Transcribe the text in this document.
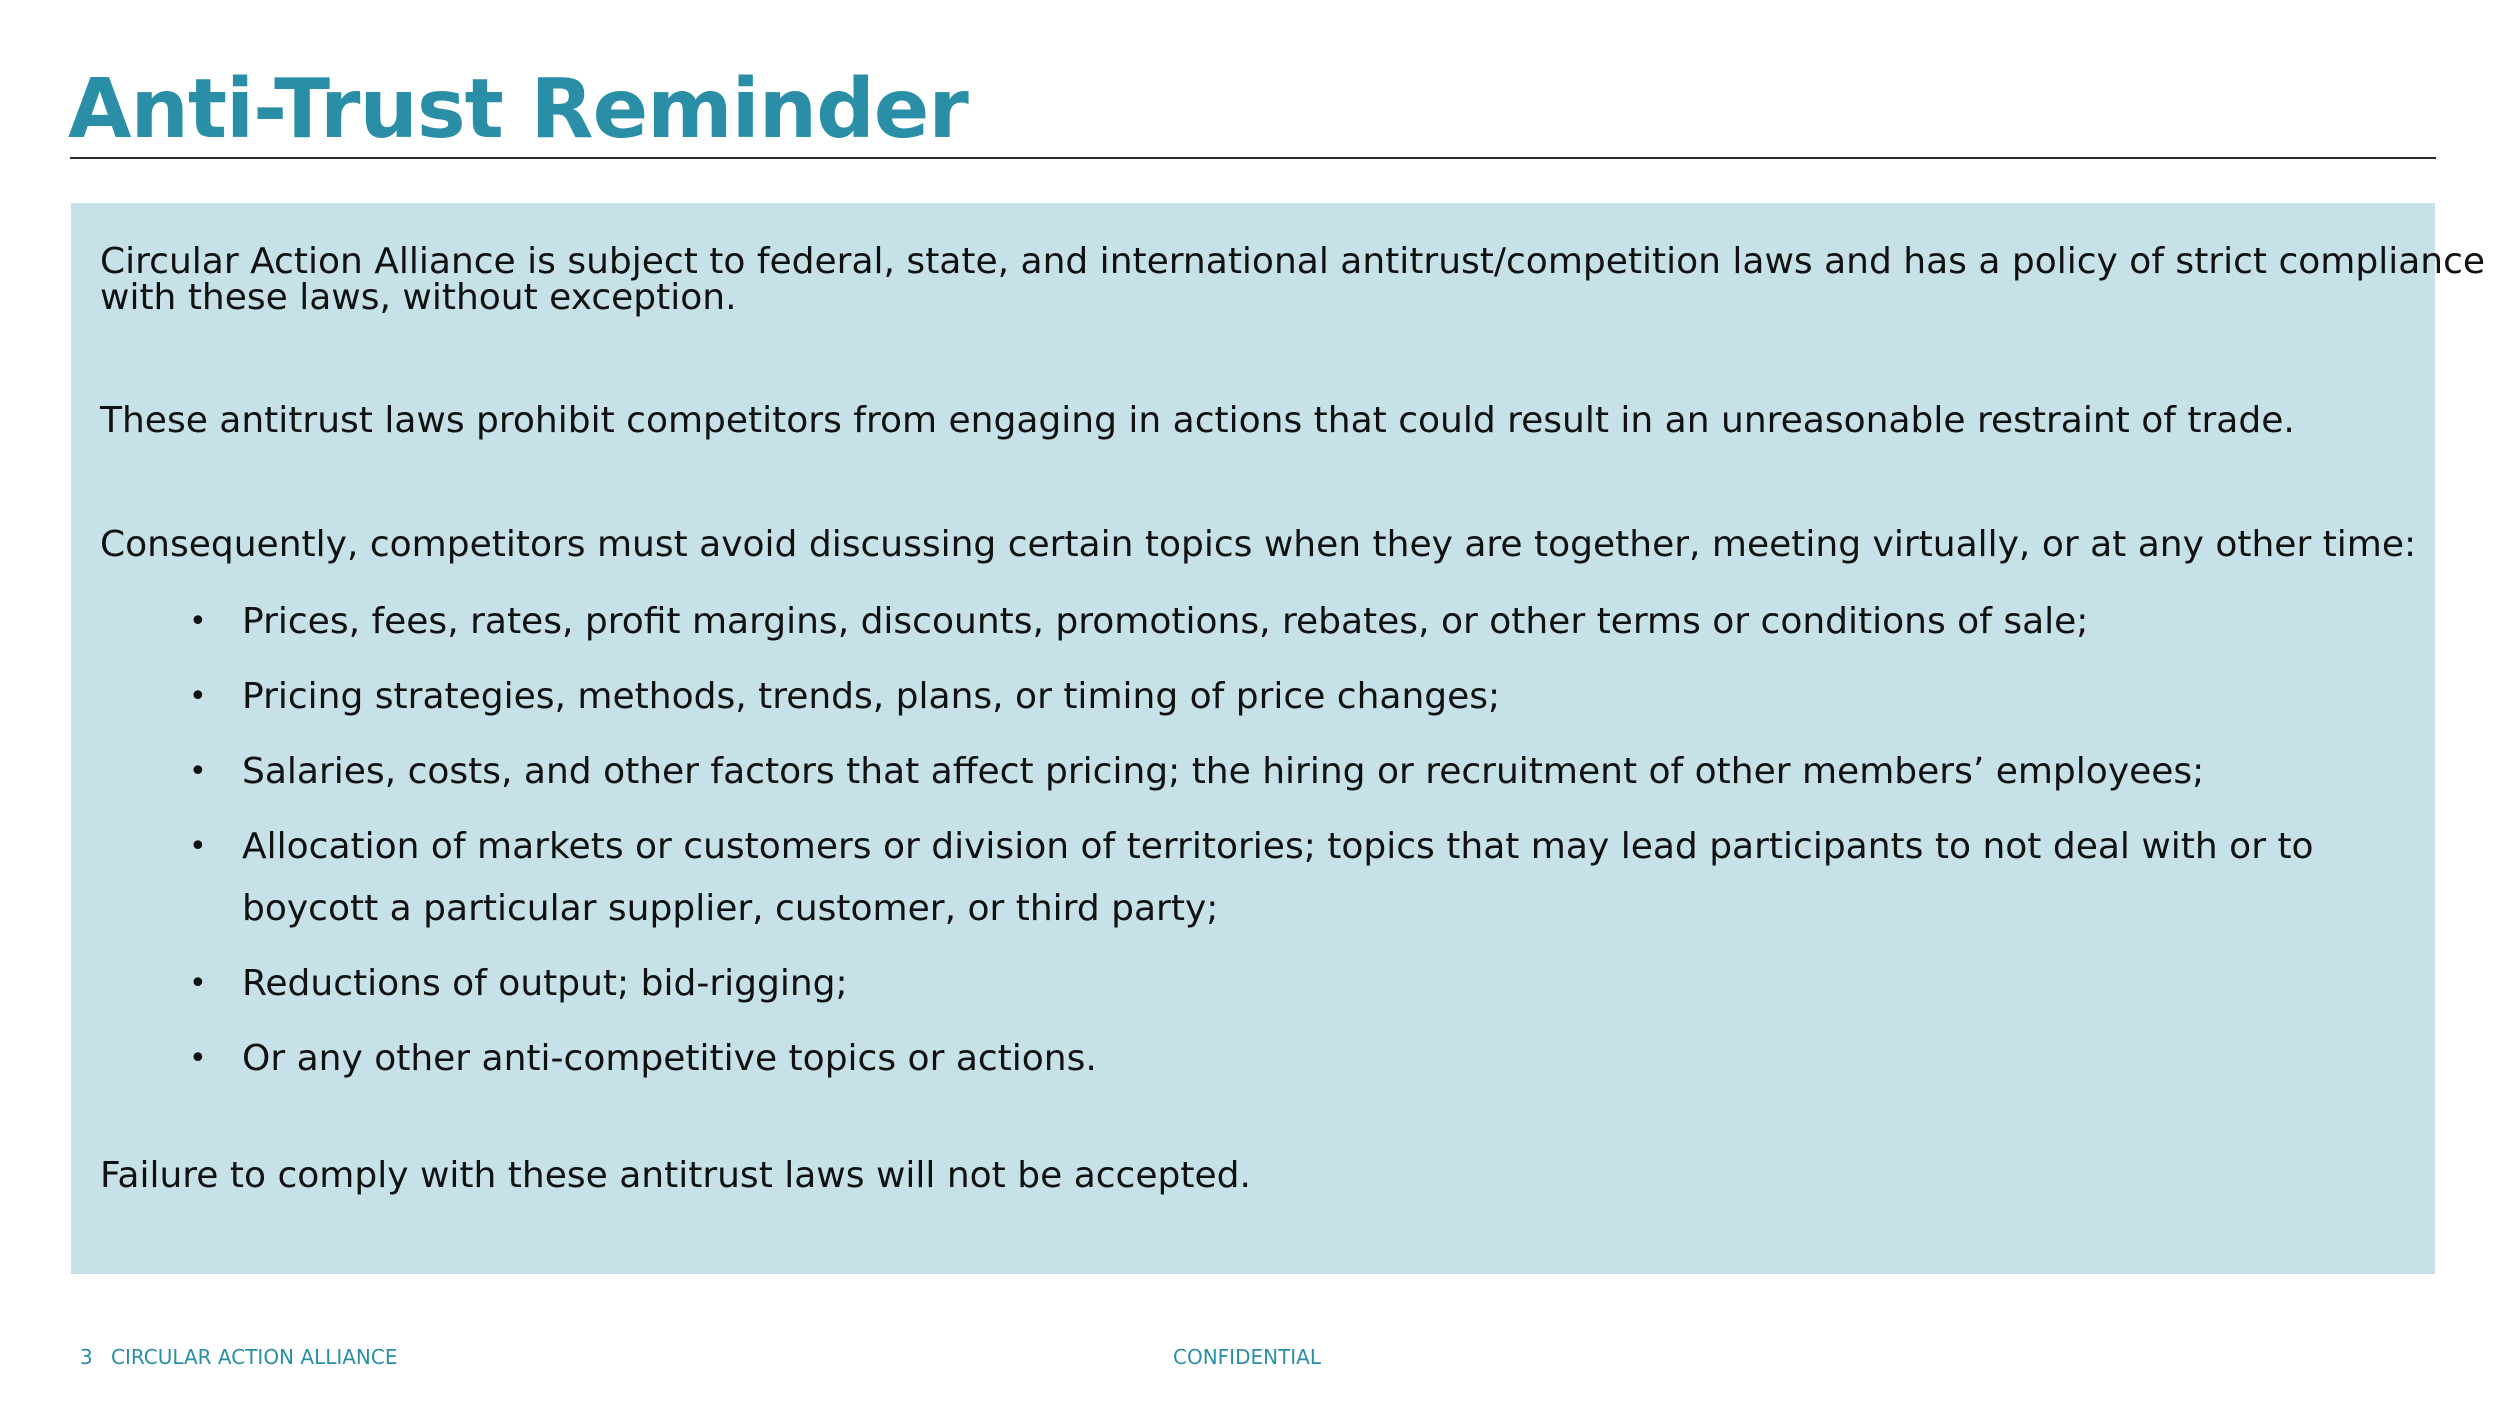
Anti-Trust Reminder

Circular Action Alliance is subject to federal, state, and international antitrust/competition laws and has a policy of strict compliance
with these laws, without exception.

These antitrust laws prohibit competitors from engaging in actions that could result in an unreasonable restraint of trade.

Consequently, competitors must avoid discussing certain topics when they are together, meeting virtually, or at any other time:

• Prices, fees, rates, profit margins, discounts, promotions, rebates, or other terms or conditions of sale;
• Pricing strategies, methods, trends, plans, or timing of price changes;
• Salaries, costs, and other factors that affect pricing; the hiring or recruitment of other members’ employees;
• Allocation of markets or customers or division of territories; topics that may lead participants to not deal with or to boycott a particular supplier, customer, or third party;
• Reductions of output; bid-rigging;
• Or any other anti-competitive topics or actions.

Failure to comply with these antitrust laws will not be accepted.

3 CIRCULAR ACTION ALLIANCE	CONFIDENTIAL
